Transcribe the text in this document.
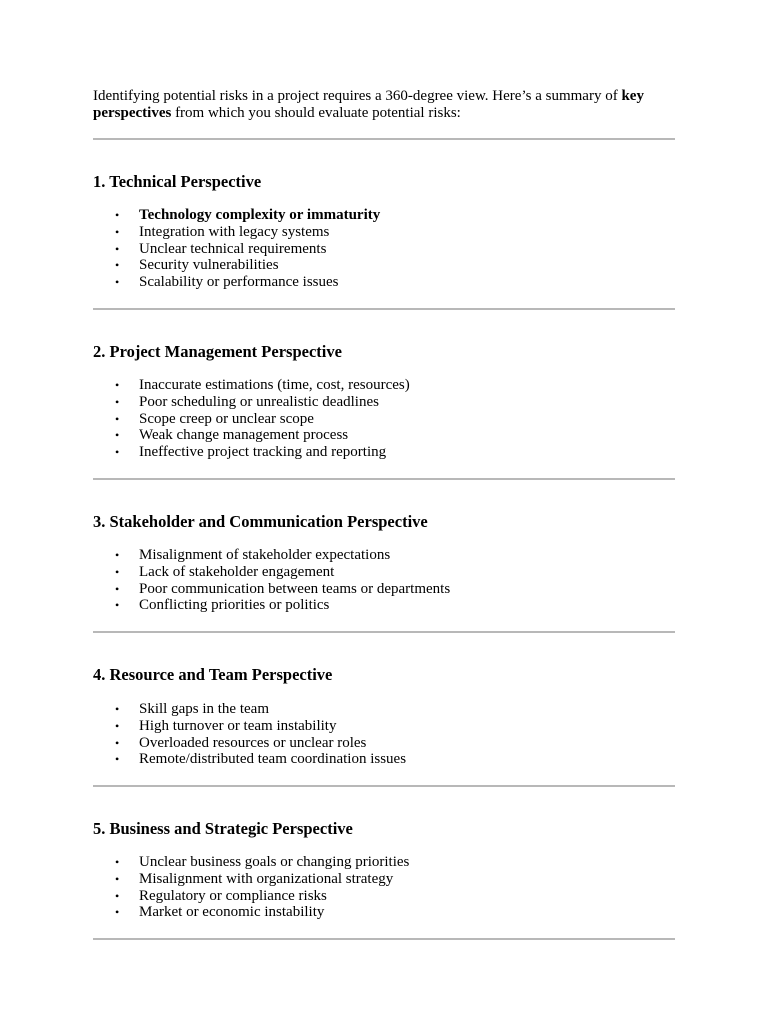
Identifying potential risks in a project requires a 360-degree view. Here’s a summary of key perspectives from which you should evaluate potential risks:

1. Technical Perspective
• Technology complexity or immaturity
• Integration with legacy systems
• Unclear technical requirements
• Security vulnerabilities
• Scalability or performance issues
2. Project Management Perspective
• Inaccurate estimations (time, cost, resources)
• Poor scheduling or unrealistic deadlines
• Scope creep or unclear scope
• Weak change management process
• Ineffective project tracking and reporting
3. Stakeholder and Communication Perspective
• Misalignment of stakeholder expectations
• Lack of stakeholder engagement
• Poor communication between teams or departments
• Conflicting priorities or politics
4. Resource and Team Perspective
• Skill gaps in the team
• High turnover or team instability
• Overloaded resources or unclear roles
• Remote/distributed team coordination issues
5. Business and Strategic Perspective
• Unclear business goals or changing priorities
• Misalignment with organizational strategy
• Regulatory or compliance risks
• Market or economic instability
